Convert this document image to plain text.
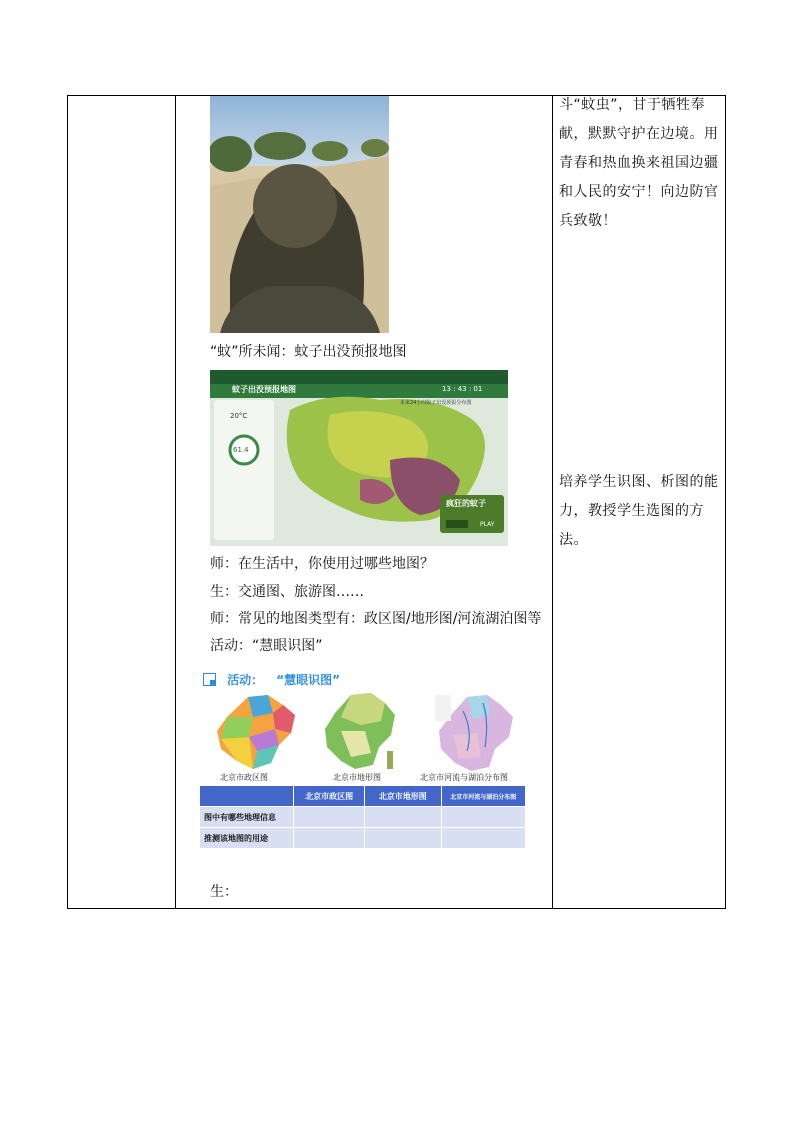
“蚊”所未闻：蚊子出没预报地图
蚊子出没预报地图	13 : 43 : 01
未来24小时蚊子出没预报分布图
20°C
61.4
疯狂的蚊子
PLAY
师：在生活中，你使用过哪些地图？
生：交通图、旅游图……
师：常见的地图类型有：政区图/地形图/河流湖泊图等
活动：“慧眼识图”
活动： “慧眼识图”
北京市政区图	北京市地形图	北京市河流与湖泊分布图
	北京市政区图	北京市地形图	北京市河流与湖泊分布图
图中有哪些地理信息			
推测该地图的用途			
生：
斗“蚊虫”，甘于牺牲奉献，默默守护在边境。用青春和热血换来祖国边疆和人民的安宁！向边防官兵致敬！
培养学生识图、析图的能力，教授学生选图的方法。
